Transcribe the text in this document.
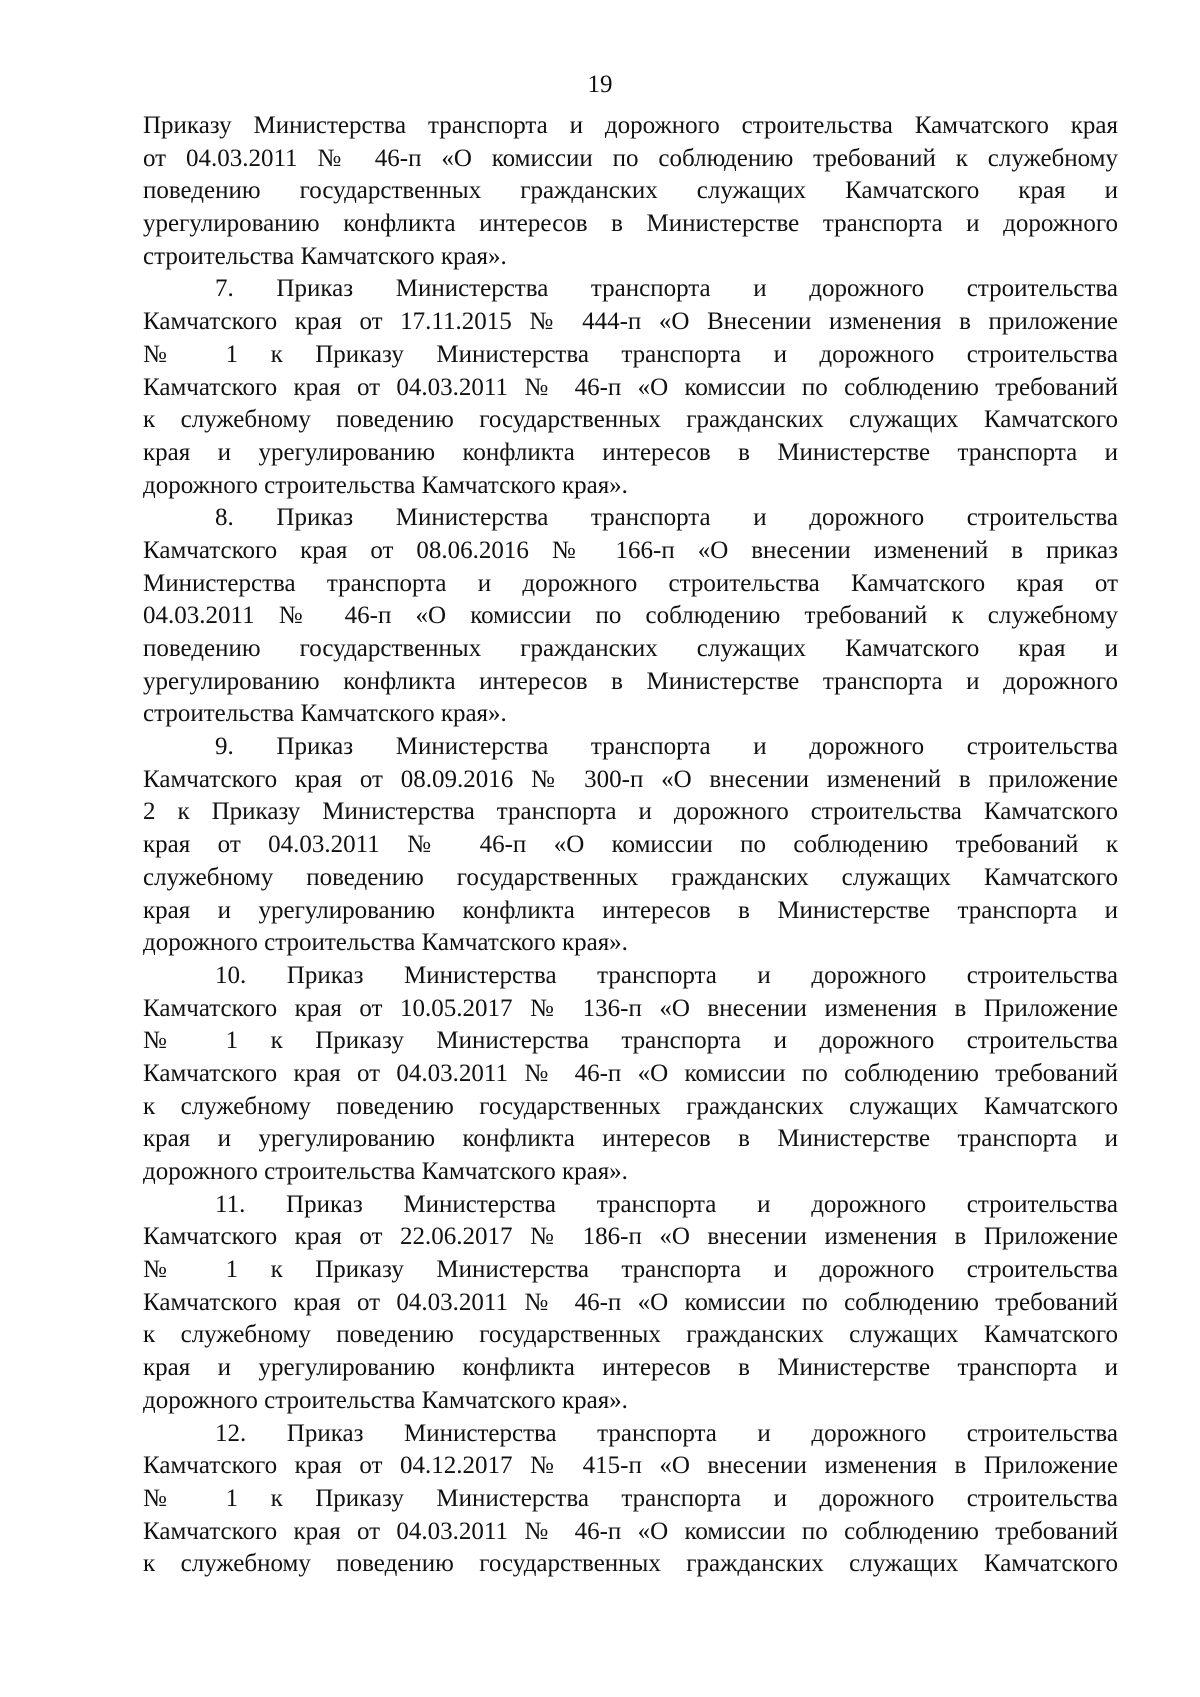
19
Приказу Министерства транспорта и дорожного строительства Камчатского края
от 04.03.2011 № 46-п «О комиссии по соблюдению требований к служебному
поведению государственных гражданских служащих Камчатского края и
урегулированию конфликта интересов в Министерстве транспорта и дорожного
строительства Камчатского края».
7. Приказ Министерства транспорта и дорожного строительства
Камчатского края от 17.11.2015 № 444-п «О Внесении изменения в приложение
№ 1 к Приказу Министерства транспорта и дорожного строительства
Камчатского края от 04.03.2011 № 46-п «О комиссии по соблюдению требований
к служебному поведению государственных гражданских служащих Камчатского
края и урегулированию конфликта интересов в Министерстве транспорта и
дорожного строительства Камчатского края».
8. Приказ Министерства транспорта и дорожного строительства
Камчатского края от 08.06.2016 № 166-п «О внесении изменений в приказ
Министерства транспорта и дорожного строительства Камчатского края от
04.03.2011 № 46-п «О комиссии по соблюдению требований к служебному
поведению государственных гражданских служащих Камчатского края и
урегулированию конфликта интересов в Министерстве транспорта и дорожного
строительства Камчатского края».
9. Приказ Министерства транспорта и дорожного строительства
Камчатского края от 08.09.2016 № 300-п «О внесении изменений в приложение
2 к Приказу Министерства транспорта и дорожного строительства Камчатского
края от 04.03.2011 № 46-п «О комиссии по соблюдению требований к
служебному поведению государственных гражданских служащих Камчатского
края и урегулированию конфликта интересов в Министерстве транспорта и
дорожного строительства Камчатского края».
10. Приказ Министерства транспорта и дорожного строительства
Камчатского края от 10.05.2017 № 136-п «О внесении изменения в Приложение
№ 1 к Приказу Министерства транспорта и дорожного строительства
Камчатского края от 04.03.2011 № 46-п «О комиссии по соблюдению требований
к служебному поведению государственных гражданских служащих Камчатского
края и урегулированию конфликта интересов в Министерстве транспорта и
дорожного строительства Камчатского края».
11. Приказ Министерства транспорта и дорожного строительства
Камчатского края от 22.06.2017 № 186-п «О внесении изменения в Приложение
№ 1 к Приказу Министерства транспорта и дорожного строительства
Камчатского края от 04.03.2011 № 46-п «О комиссии по соблюдению требований
к служебному поведению государственных гражданских служащих Камчатского
края и урегулированию конфликта интересов в Министерстве транспорта и
дорожного строительства Камчатского края».
12. Приказ Министерства транспорта и дорожного строительства
Камчатского края от 04.12.2017 № 415-п «О внесении изменения в Приложение
№ 1 к Приказу Министерства транспорта и дорожного строительства
Камчатского края от 04.03.2011 № 46-п «О комиссии по соблюдению требований
к служебному поведению государственных гражданских служащих Камчатского
